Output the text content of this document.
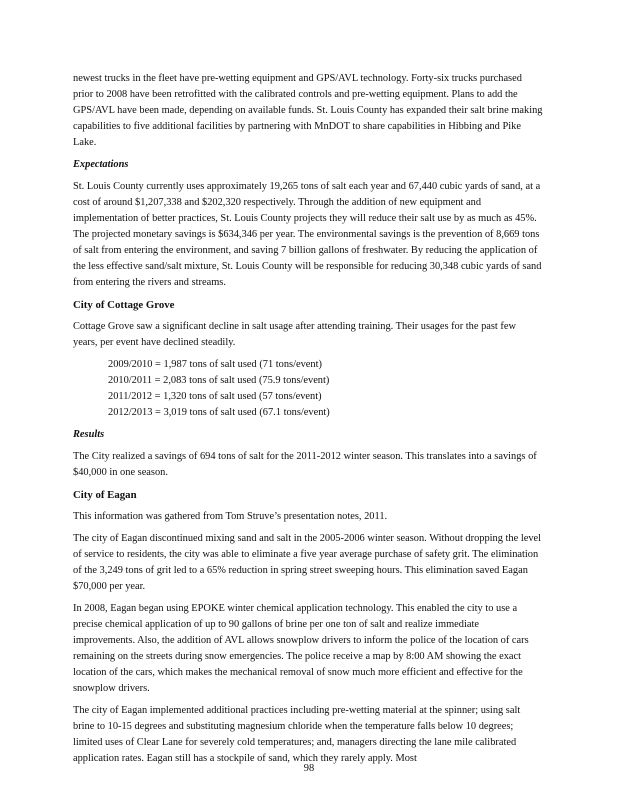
newest trucks in the fleet have pre-wetting equipment and GPS/AVL technology. Forty-six trucks purchased prior to 2008 have been retrofitted with the calibrated controls and pre-wetting equipment. Plans to add the GPS/AVL have been made, depending on available funds. St. Louis County has expanded their salt brine making capabilities to five additional facilities by partnering with MnDOT to share capabilities in Hibbing and Pike Lake.

Expectations

St. Louis County currently uses approximately 19,265 tons of salt each year and 67,440 cubic yards of sand, at a cost of around $1,207,338 and $202,320 respectively. Through the addition of new equipment and implementation of better practices, St. Louis County projects they will reduce their salt use by as much as 45%. The projected monetary savings is $634,346 per year. The environmental savings is the prevention of 8,669 tons of salt from entering the environment, and saving 7 billion gallons of freshwater. By reducing the application of the less effective sand/salt mixture, St. Louis County will be responsible for reducing 30,348 cubic yards of sand from entering the rivers and streams.

City of Cottage Grove

Cottage Grove saw a significant decline in salt usage after attending training. Their usages for the past few years, per event have declined steadily.

2009/2010 = 1,987 tons of salt used (71 tons/event)
2010/2011 = 2,083 tons of salt used (75.9 tons/event)
2011/2012 = 1,320 tons of salt used (57 tons/event)
2012/2013 = 3,019 tons of salt used (67.1 tons/event)

Results

The City realized a savings of 694 tons of salt for the 2011-2012 winter season. This translates into a savings of $40,000 in one season.

City of Eagan

This information was gathered from Tom Struve’s presentation notes, 2011.

The city of Eagan discontinued mixing sand and salt in the 2005-2006 winter season. Without dropping the level of service to residents, the city was able to eliminate a five year average purchase of safety grit. The elimination of the 3,249 tons of grit led to a 65% reduction in spring street sweeping hours. This elimination saved Eagan $70,000 per year.

In 2008, Eagan began using EPOKE winter chemical application technology. This enabled the city to use a precise chemical application of up to 90 gallons of brine per one ton of salt and realize immediate improvements. Also, the addition of AVL allows snowplow drivers to inform the police of the location of cars remaining on the streets during snow emergencies. The police receive a map by 8:00 AM showing the exact location of the cars, which makes the mechanical removal of snow much more efficient and effective for the snowplow drivers.

The city of Eagan implemented additional practices including pre-wetting material at the spinner; using salt brine to 10-15 degrees and substituting magnesium chloride when the temperature falls below 10 degrees; limited uses of Clear Lane for severely cold temperatures; and, managers directing the lane mile calibrated application rates. Eagan still has a stockpile of sand, which they rarely apply. Most

98
